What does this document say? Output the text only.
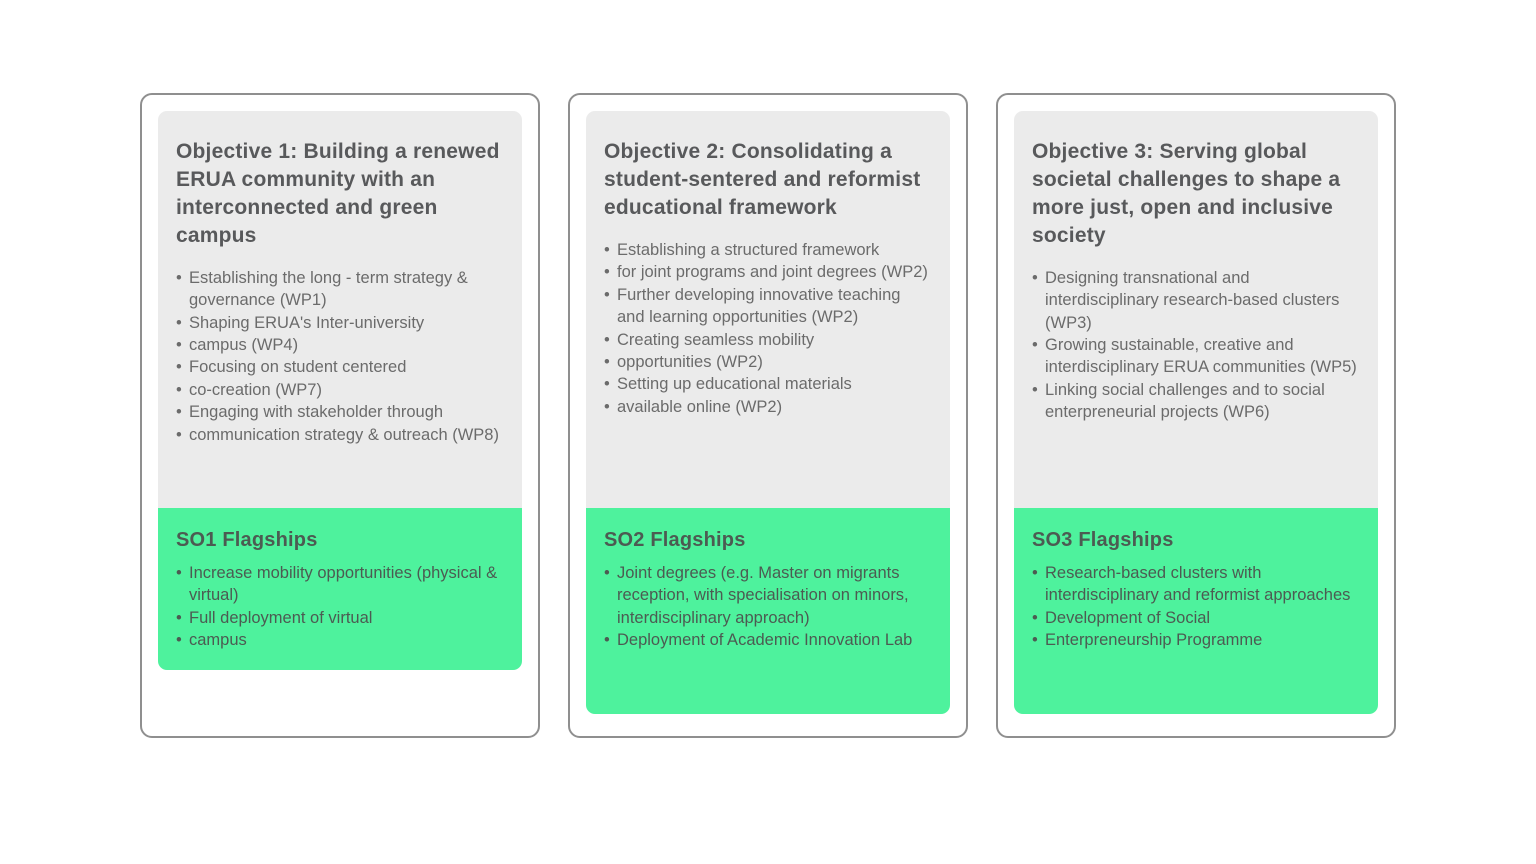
Objective 1: Building a renewed ERUA community with an interconnected and green campus
• Establishing the long - term strategy & governance (WP1)
• Shaping ERUA's Inter-university
• campus (WP4)
• Focusing on student centered
• co-creation (WP7)
• Engaging with stakeholder through
• communication strategy & outreach (WP8)
SO1 Flagships
• Increase mobility opportunities (physical & virtual)
• Full deployment of virtual
• campus
Objective 2: Consolidating a student-sentered and reformist educational framework
• Establishing a structured framework
• for joint programs and joint degrees (WP2)
• Further developing innovative teaching and learning opportunities (WP2)
• Creating seamless mobility
• opportunities (WP2)
• Setting up educational materials
• available online (WP2)
SO2 Flagships
• Joint degrees (e.g. Master on migrants reception, with specialisation on minors, interdisciplinary approach)
• Deployment of Academic Innovation Lab
Objective 3: Serving global societal challenges to shape a more just, open and inclusive society
• Designing transnational and interdisciplinary research-based clusters (WP3)
• Growing sustainable, creative and interdisciplinary ERUA communities (WP5)
• Linking social challenges and to social enterpreneurial projects (WP6)
SO3 Flagships
• Research-based clusters with interdisciplinary and reformist approaches
• Development of Social
• Enterpreneurship Programme
